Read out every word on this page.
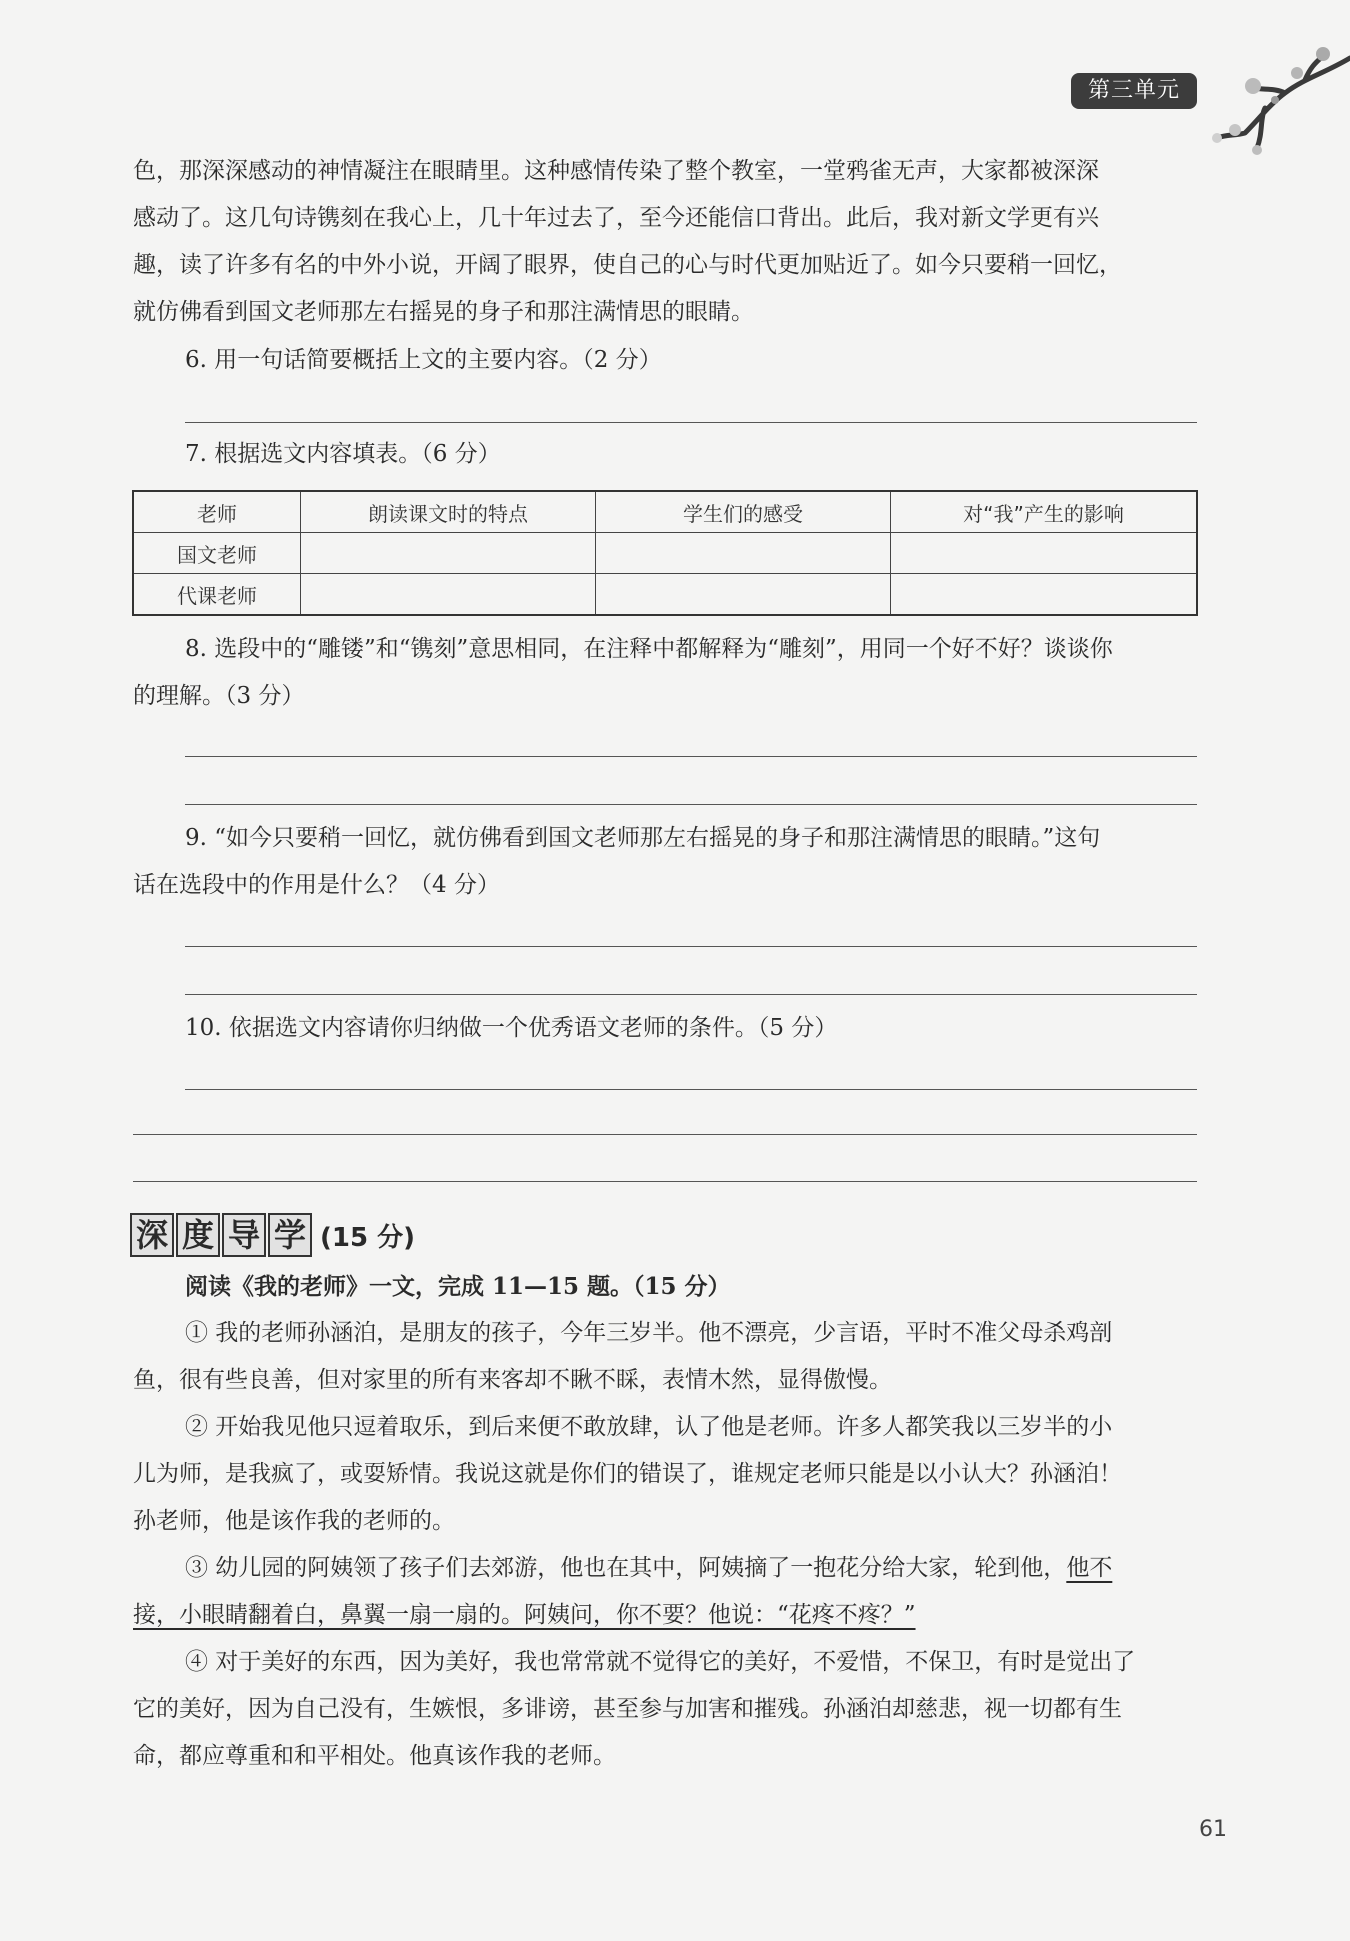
第三单元

色，那深深感动的神情凝注在眼睛里。这种感情传染了整个教室，一堂鸦雀无声，大家都被深深

感动了。这几句诗镌刻在我心上，几十年过去了，至今还能信口背出。此后，我对新文学更有兴

趣，读了许多有名的中外小说，开阔了眼界，使自己的心与时代更加贴近了。如今只要稍一回忆，

就仿佛看到国文老师那左右摇晃的身子和那注满情思的眼睛。

6. 用一句话简要概括上文的主要内容。（2 分）

7. 根据选文内容填表。（6 分）

老师	朗读课文时的特点	学生们的感受	对“我”产生的影响
国文老师			
代课老师			

8. 选段中的“雕镂”和“镌刻”意思相同，在注释中都解释为“雕刻”，用同一个好不好？谈谈你

的理解。（3 分）

9. “如今只要稍一回忆，就仿佛看到国文老师那左右摇晃的身子和那注满情思的眼睛。”这句

话在选段中的作用是什么？（4 分）

10. 依据选文内容请你归纳做一个优秀语文老师的条件。（5 分）

深 度 导 学 (15 分)

阅读《我的老师》一文，完成 11—15 题。（15 分）

① 我的老师孙涵泊，是朋友的孩子，今年三岁半。他不漂亮，少言语，平时不准父母杀鸡剖

鱼，很有些良善，但对家里的所有来客却不瞅不睬，表情木然，显得傲慢。

② 开始我见他只逗着取乐，到后来便不敢放肆，认了他是老师。许多人都笑我以三岁半的小

儿为师，是我疯了，或耍矫情。我说这就是你们的错误了，谁规定老师只能是以小认大？孙涵泊！

孙老师，他是该作我的老师的。

③ 幼儿园的阿姨领了孩子们去郊游，他也在其中，阿姨摘了一抱花分给大家，轮到他，他不

接，小眼睛翻着白，鼻翼一扇一扇的。阿姨问，你不要？他说：“花疼不疼？”

④ 对于美好的东西，因为美好，我也常常就不觉得它的美好，不爱惜，不保卫，有时是觉出了

它的美好，因为自己没有，生嫉恨，多诽谤，甚至参与加害和摧残。孙涵泊却慈悲，视一切都有生

命，都应尊重和和平相处。他真该作我的老师。

61
